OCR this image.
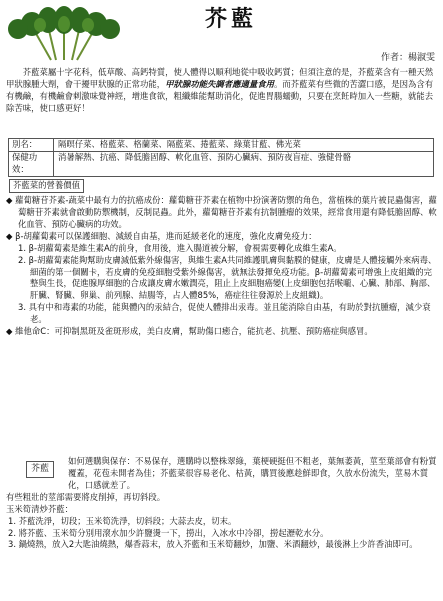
芥藍
作者：楊淑雯
芥藍菜屬十字花科，低草酸、高鈣特質，使人體得以順利地從中吸收鈣質；但須注意的是，芥藍菜含有一種天然甲狀腺腫大劑，會干擾甲狀腺的正常功能，甲狀腺功能失調者應適量食用。而芥藍菜有些微的苦澀口感，是因為含有有機鹼，有機鹼會刺激味覺神經，增進食欲，粗纖維能幫助消化，促進胃腸蠕動，只要在烹飪時加入一些糖，就能去除苦味，使口感更好！
別名：	隔暝仔菜、格藍菜、格蘭菜、隔藍菜、捲藍菜、綠葉甘藍、佛光菜
保健功效：
消暑解熱、抗癌、降低膽固醇、軟化血管、預防心臟病、預防夜盲症、強健骨骼
芥藍菜的營養價值

◆ 蘿蔔糖苷芥素-蔬菜中最有力的抗癌成份：蘿蔔糖苷芥素在植物中扮演著防禦的角色，當植株的葉片被昆蟲傷害，蘿蔔糖苷芥素就會啟動防禦機制，反制昆蟲。此外，蘿蔔糖苷芥素有抗制腫瘤的效果，經常食用還有降低膽固醇、軟化血管、預防心臟病的功效。

◆ β-胡蘿蔔素可以保護細胞、減緩自由基，進而延緩老化的速度，強化皮膚免疫力：

1. β-胡蘿蔔素是維生素A的前身，食用後，進入腸道被分解，會視需要轉化成維生素A。

2. β-胡蘿蔔素能夠幫助皮膚減低紫外線傷害，與維生素A共同維護肌膚與黏膜的健康，皮膚是人體接觸外來病毒、細菌的第一個關卡，若皮膚的免疫細胞受紫外線傷害，就無法發揮免疫功能。β-胡蘿蔔素可增強上皮組織的完整與生長，促進腺厚細胞的合成讓皮膚水嫩潤亮，阻止上皮細胞癌變(上皮細胞包括喉嚨、心臟、肺部、胸部、肝臟、腎臟、卵巢、前列腺、結腸等，占人體85%，癌症往往發源於上皮組織)。

3. 具有中和毒素的功能，能與體內的汞結合，促使人體排出汞毒。並且能消除自由基，有助於對抗腫瘤，減少衰老。

◆ 維他命C：可抑制黑斑及雀斑形成，美白皮膚，幫助傷口癒合，能抗老、抗壓、預防癌症與感冒。

芥藍

如何選購與保存：不易保存，選購時以整株翠綠，葉梗硬挺但不粗老，葉無萎黃，莖至葉部會有粉質覆蓋，花苞未開者為佳；芥藍菜很容易老化、枯黃，購買後應趁鮮即食，久放水份流失，莖易木質化，口感就差了。

有些粗壯的莖部需要將皮削掉，再切斜段。

玉米筍清炒芥藍：

1. 芥藍洗淨，切段；玉米筍洗淨，切斜段；大蒜去皮，切末。

2. 將芥藍、玉米筍分別用滾水加少許鹽燙一下，撈出，入冰水中冷卻，撈起瀝乾水分。

3. 鍋燒熱，放入2大匙油燒熱，爆香蒜末，放入芥藍和玉米筍翻炒，加鹽、米酒翻炒，最後淋上少許香油即可。
